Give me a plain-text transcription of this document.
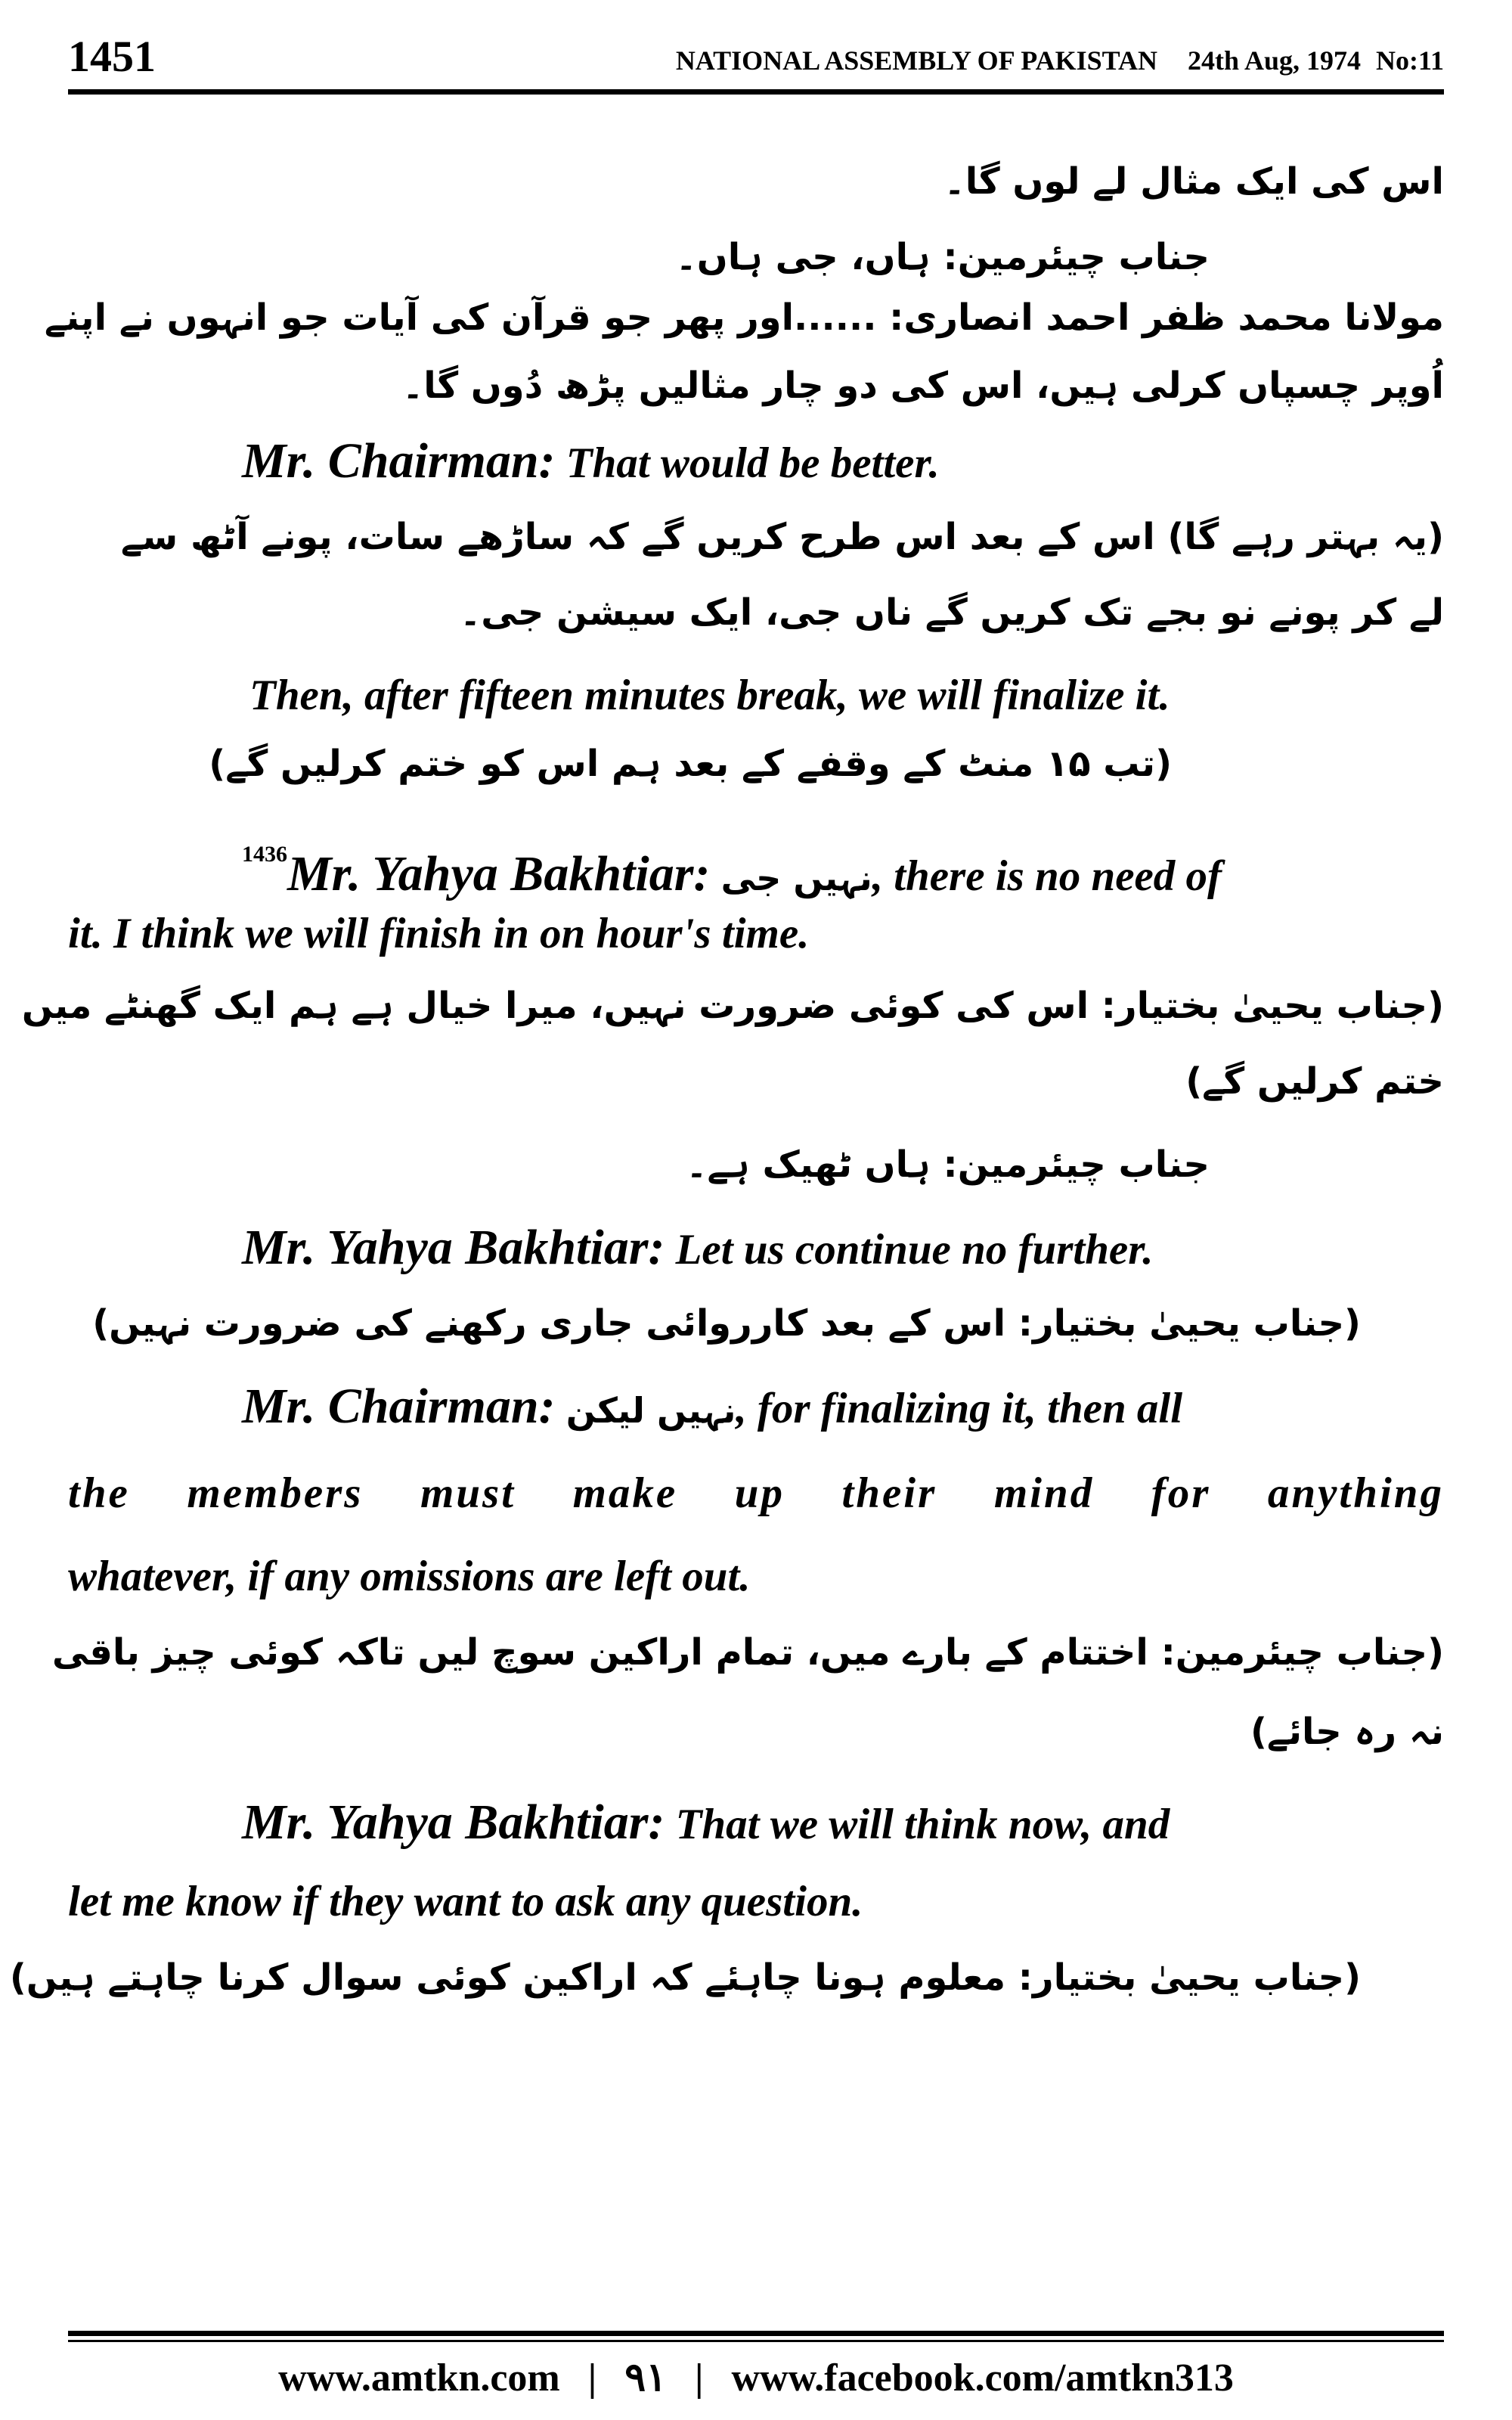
1451	NATIONAL ASSEMBLY OF PAKISTAN 24th Aug, 1974 No:11
اس کی ایک مثال لے لوں گا۔
جناب چیئرمین: ہاں، جی ہاں۔
مولانا محمد ظفر احمد انصاری: ......اور پھر جو قرآن کی آیات جو انہوں نے اپنے
اُوپر چسپاں کرلی ہیں، اس کی دو چار مثالیں پڑھ دُوں گا۔
Mr. Chairman: That would be better.
(یہ بہتر رہے گا) اس کے بعد اس طرح کریں گے کہ ساڑھے سات، پونے آٹھ سے
لے کر پونے نو بجے تک کریں گے ناں جی، ایک سیشن جی۔
Then, after fifteen minutes break, we will finalize it.
(تب ۱۵ منٹ کے وقفے کے بعد ہم اس کو ختم کرلیں گے)
$^{1436}$Mr. Yahya Bakhtiar: نہیں جی, there is no need of
it. I think we will finish in on hour's time.
(جناب یحییٰ بختیار: اس کی کوئی ضرورت نہیں، میرا خیال ہے ہم ایک گھنٹے میں
ختم کرلیں گے)
جناب چیئرمین: ہاں ٹھیک ہے۔
Mr. Yahya Bakhtiar: Let us continue no further.
(جناب یحییٰ بختیار: اس کے بعد کارروائی جاری رکھنے کی ضرورت نہیں)
Mr. Chairman: نہیں لیکن, for finalizing it, then all
the members must make up their mind for anything
whatever, if any omissions are left out.
(جناب چیئرمین: اختتام کے بارے میں، تمام اراکین سوچ لیں تاکہ کوئی چیز باقی
نہ رہ جائے)
Mr. Yahya Bakhtiar: That we will think now, and
let me know if they want to ask any question.
(جناب یحییٰ بختیار: معلوم ہونا چاہئے کہ اراکین کوئی سوال کرنا چاہتے ہیں)
www.amtkn.com | ۹۱ | www.facebook.com/amtkn313
